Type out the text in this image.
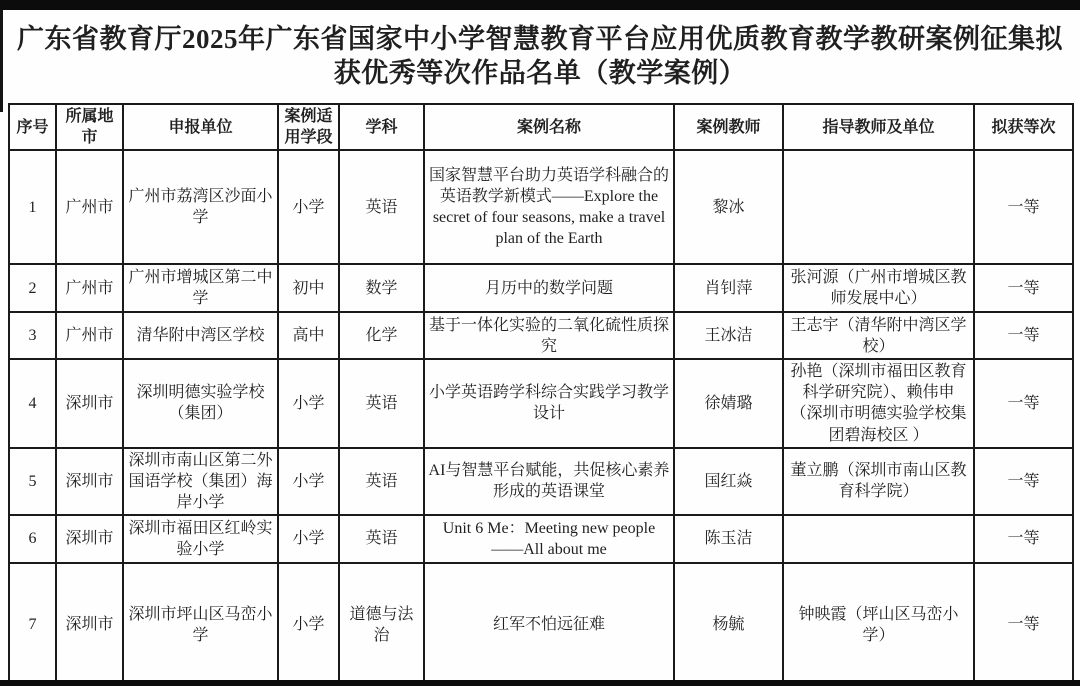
广东省教育厅2025年广东省国家中小学智慧教育平台应用优质教育教学教研案例征集拟获优秀等次作品名单（教学案例）
序号	所属地市	申报单位	案例适用学段	学科	案例名称	案例教师	指导教师及单位	拟获等次
1	广州市	广州市荔湾区沙面小学	小学	英语	国家智慧平台助力英语学科融合的英语教学新模式——Explore the secret of four seasons, make a travel plan of the Earth	黎冰		一等
2	广州市	广州市增城区第二中学	初中	数学	月历中的数学问题	肖钊萍	张河源（广州市增城区教师发展中心）	一等
3	广州市	清华附中湾区学校	高中	化学	基于一体化实验的二氧化硫性质探究	王冰洁	王志宇（清华附中湾区学校）	一等
4	深圳市	深圳明德实验学校（集团）	小学	英语	小学英语跨学科综合实践学习教学设计	徐婧璐	孙艳（深圳市福田区教育科学研究院）、赖伟申（深圳市明德实验学校集团碧海校区 ）	一等
5	深圳市	深圳市南山区第二外国语学校（集团）海岸小学	小学	英语	AI与智慧平台赋能，共促核心素养形成的英语课堂	国红焱	董立鹏（深圳市南山区教育科学院）	一等
6	深圳市	深圳市福田区红岭实验小学	小学	英语	Unit 6 Me：Meeting new people——All about me	陈玉洁		一等
7	深圳市	深圳市坪山区马峦小学	小学	道德与法治	红军不怕远征难	杨毓	钟映霞（坪山区马峦小学）	一等
